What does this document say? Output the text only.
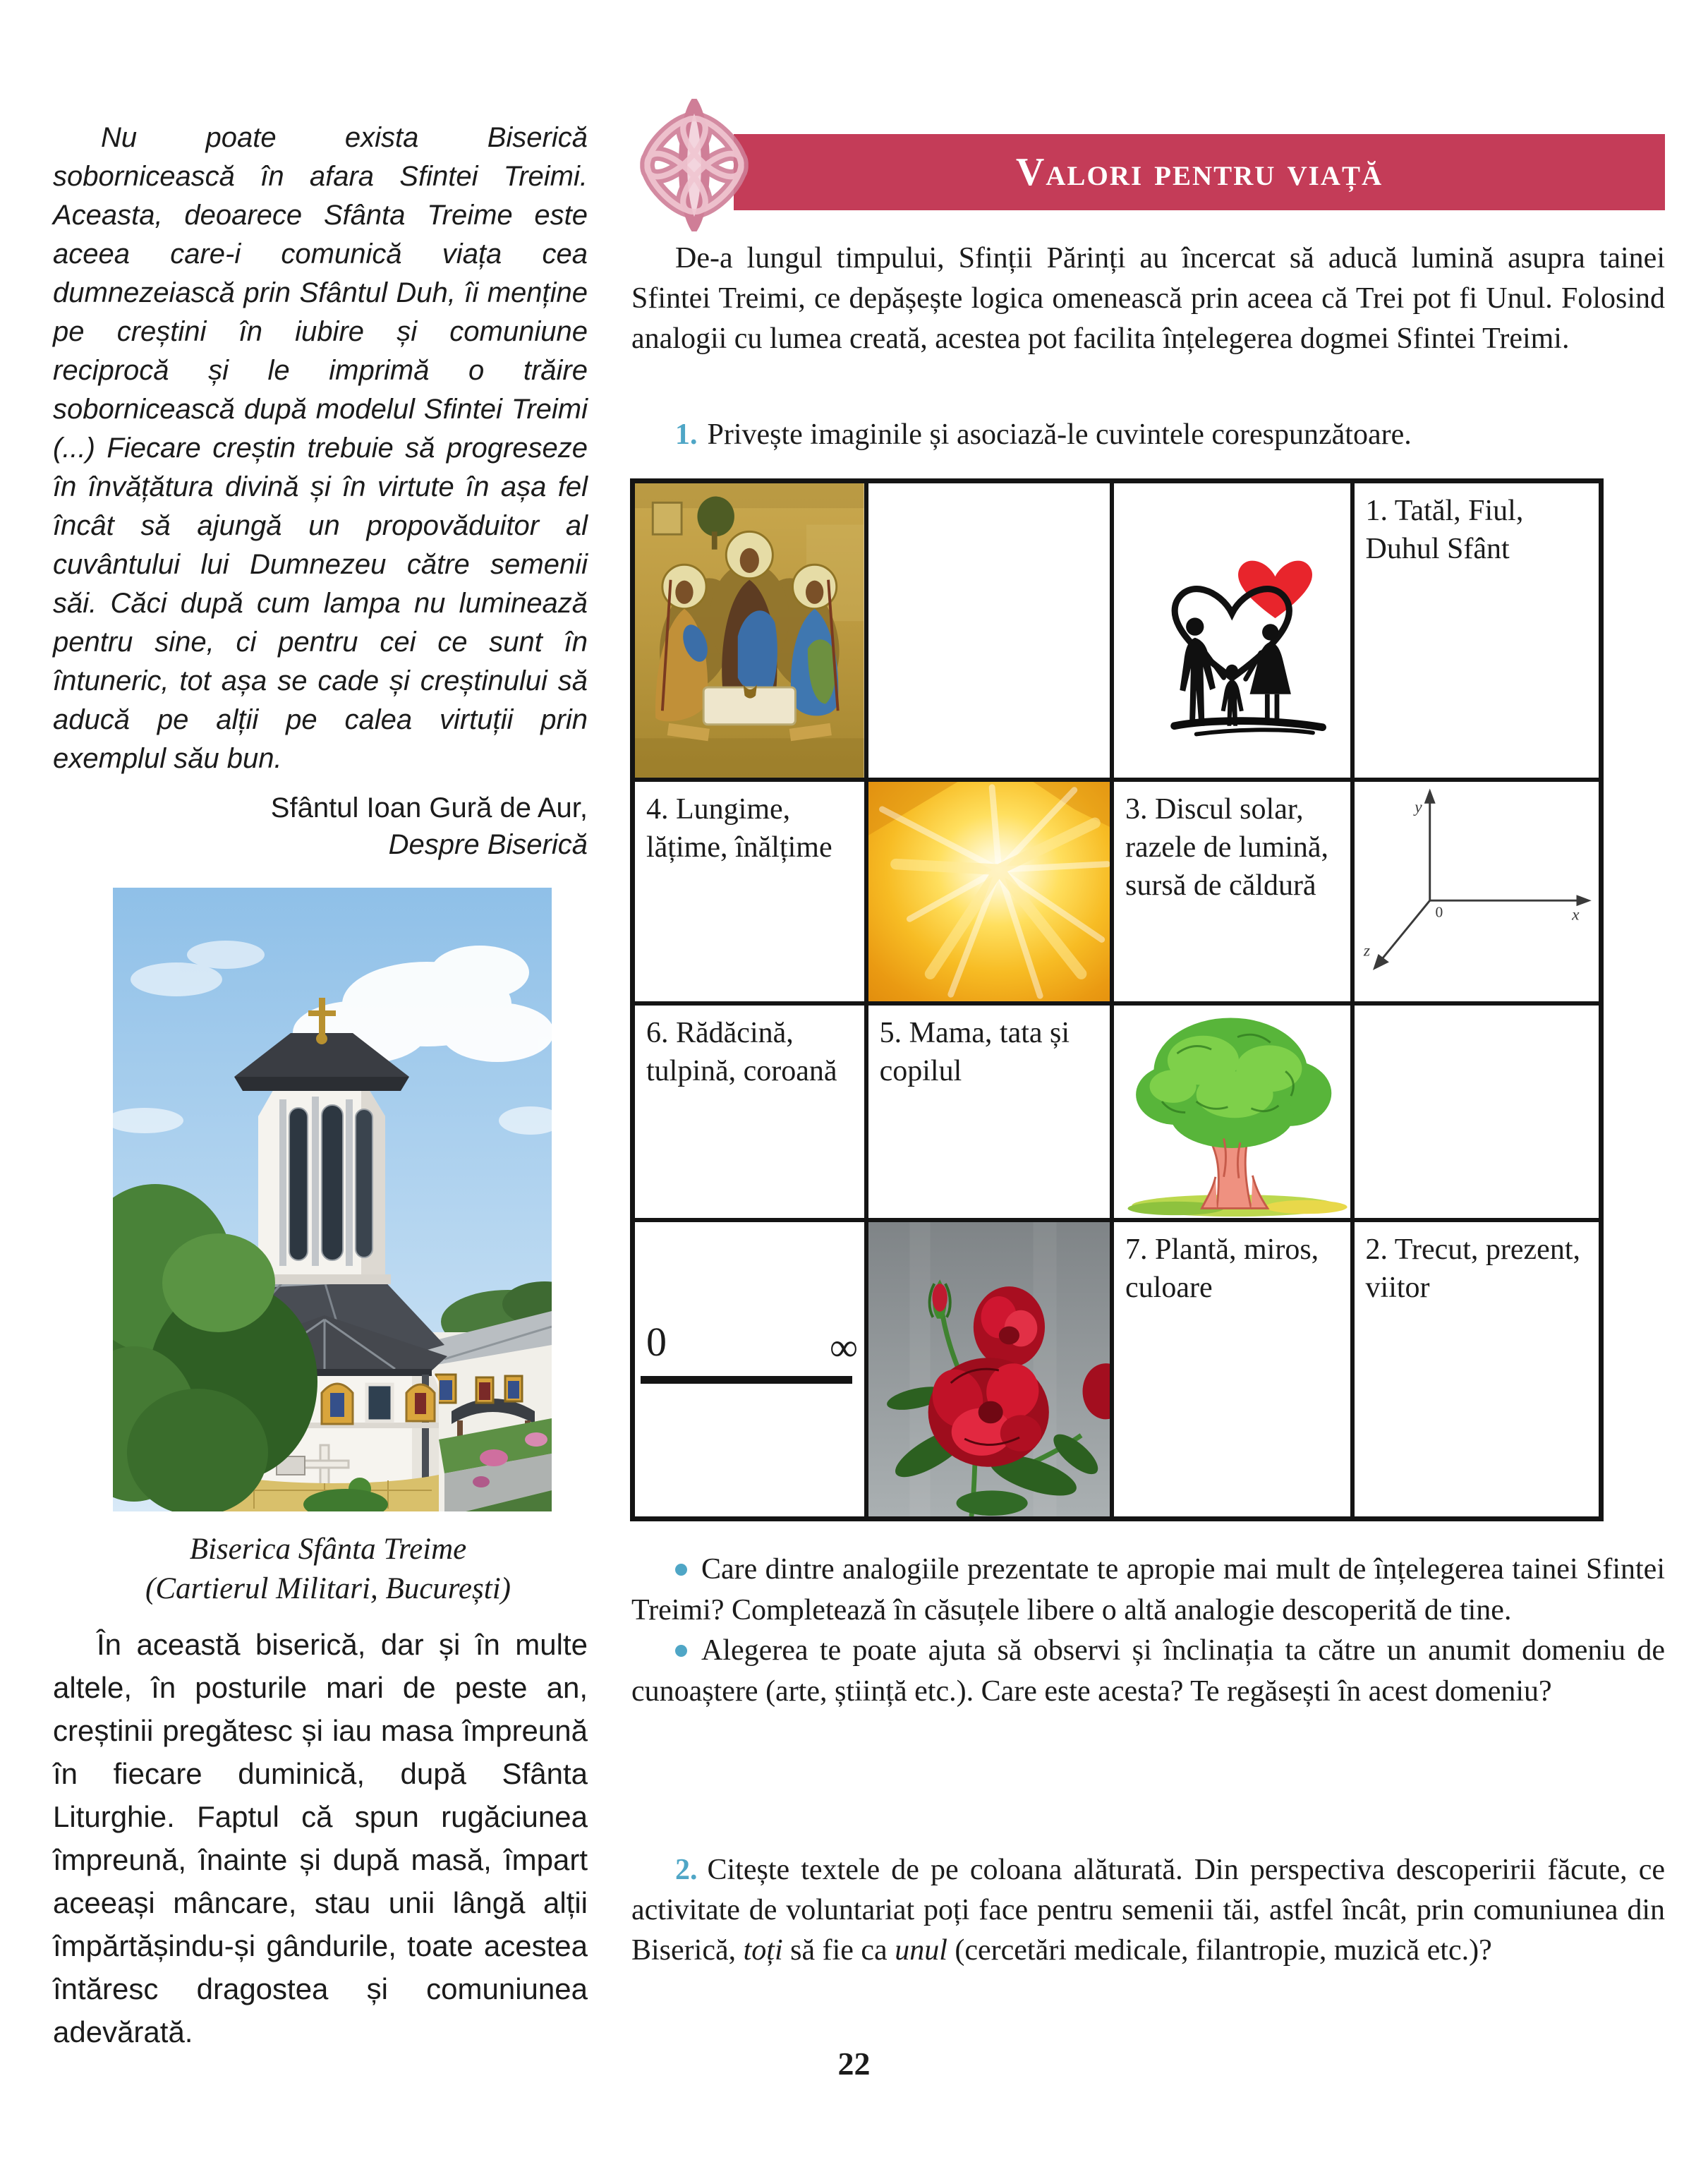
Nu poate exista Biserică sobornicească în afara Sfintei Treimi. Aceasta, deoarece Sfânta Treime este aceea care-i comunică viața cea dumnezeiască prin Sfântul Duh, îi menține pe creștini în iubire și comuniune reciprocă și le imprimă o trăire sobornicească după modelul Sfintei Treimi (...) Fiecare creștin trebuie să progreseze în învățătura divină și în virtute în așa fel încât să ajungă un propovăduitor al cuvântului lui Dumnezeu către semenii săi. Căci după cum lampa nu luminează pentru sine, ci pentru cei ce sunt în întuneric, tot așa se cade și creștinului să aducă pe alții pe calea virtuții prin exemplul său bun.

Sfântul Ioan Gură de Aur,

Despre Biserică

Biserica Sfânta Treime
(Cartierul Militari, București)

În această biserică, dar și în multe altele, în posturile mari de peste an, creștinii pregătesc și iau masa împreună în fiecare duminică, după Sfânta Liturghie. Faptul că spun rugăciunea împreună, înainte și după masă, împart aceeași mâncare, stau unii lângă alții împărtășindu-și gândurile, toate acestea întăresc dragostea și comuniunea adevărată.

Valori pentru viață

De-a lungul timpului, Sfinții Părinți au încercat să aducă lumină asupra tainei Sfintei Treimi, ce depășește logica omenească prin aceea că Trei pot fi Unul. Folosind analogii cu lumea creată, acestea pot facilita înțelegerea dogmei Sfintei Treimi.

1. Privește imaginile și asociază-le cuvintele corespunzătoare.

1. Tatăl, Fiul, Duhul Sfânt
4. Lungime, lățime, înălțime
3. Discul solar, razele de lumină, sursă de căldură
y
x
z
0
6. Rădăcină, tulpină, coroană
5. Mama, tata și copilul
0	∞
7. Plantă, miros, culoare
2. Trecut, prezent, viitor

Care dintre analogiile prezentate te apropie mai mult de înțelegerea tainei Sfintei Treimi? Completează în căsuțele libere o altă analogie descoperită de tine.

Alegerea te poate ajuta să observi și înclinația ta către un anumit domeniu de cunoaștere (arte, știință etc.). Care este acesta? Te regăsești în acest domeniu?

2. Citește textele de pe coloana alăturată. Din perspectiva descoperirii făcute, ce activitate de voluntariat poți face pentru semenii tăi, astfel încât, prin comuniunea din Biserică, toți să fie ca unul (cercetări medicale, filantropie, muzică etc.)?

22
